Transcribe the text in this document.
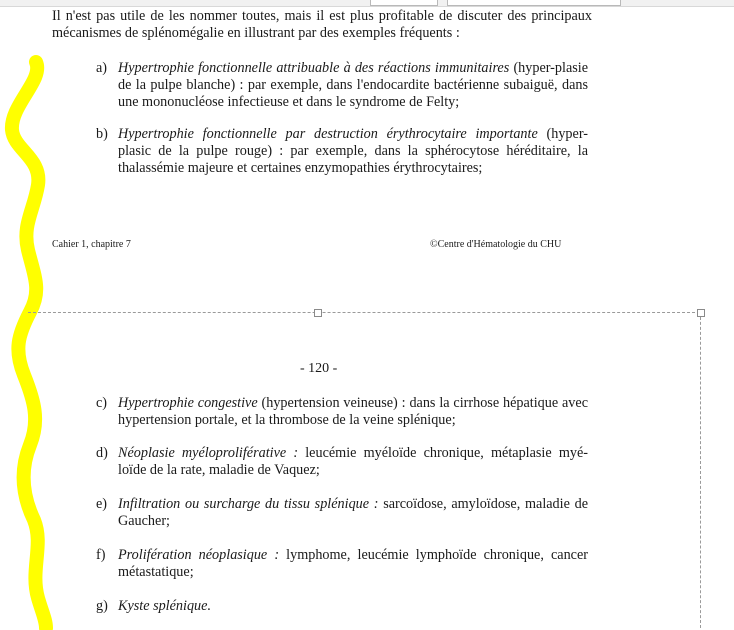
Il n'est pas utile de les nommer toutes, mais il est plus profitable de discuter des principaux mécanismes de splénomégalie en illustrant par des exemples fréquents :
a) Hypertrophie fonctionnelle attribuable à des réactions immunitaires (hyper-plasie de la pulpe blanche) : par exemple, dans l'endocardite bactérienne subaiguë, dans une mononucléose infectieuse et dans le syndrome de Felty;
b) Hypertrophie fonctionnelle par destruction érythrocytaire importante (hyper-plasic de la pulpe rouge) : par exemple, dans la sphérocytose héréditaire, la thalassémie majeure et certaines enzymopathies érythrocytaires;
Cahier 1, chapitre 7	©Centre d'Hématologie du CHU
- 120 -
c) Hypertrophie congestive (hypertension veineuse) : dans la cirrhose hépatique avec hypertension portale, et la thrombose de la veine splénique;
d) Néoplasie myéloproliférative : leucémie myéloïde chronique, métaplasie myé-loïde de la rate, maladie de Vaquez;
e) Infiltration ou surcharge du tissu splénique : sarcoïdose, amyloïdose, maladie de Gaucher;
f) Prolifération néoplasique : lymphome, leucémie lymphoïde chronique, cancer métastatique;
g) Kyste splénique.
